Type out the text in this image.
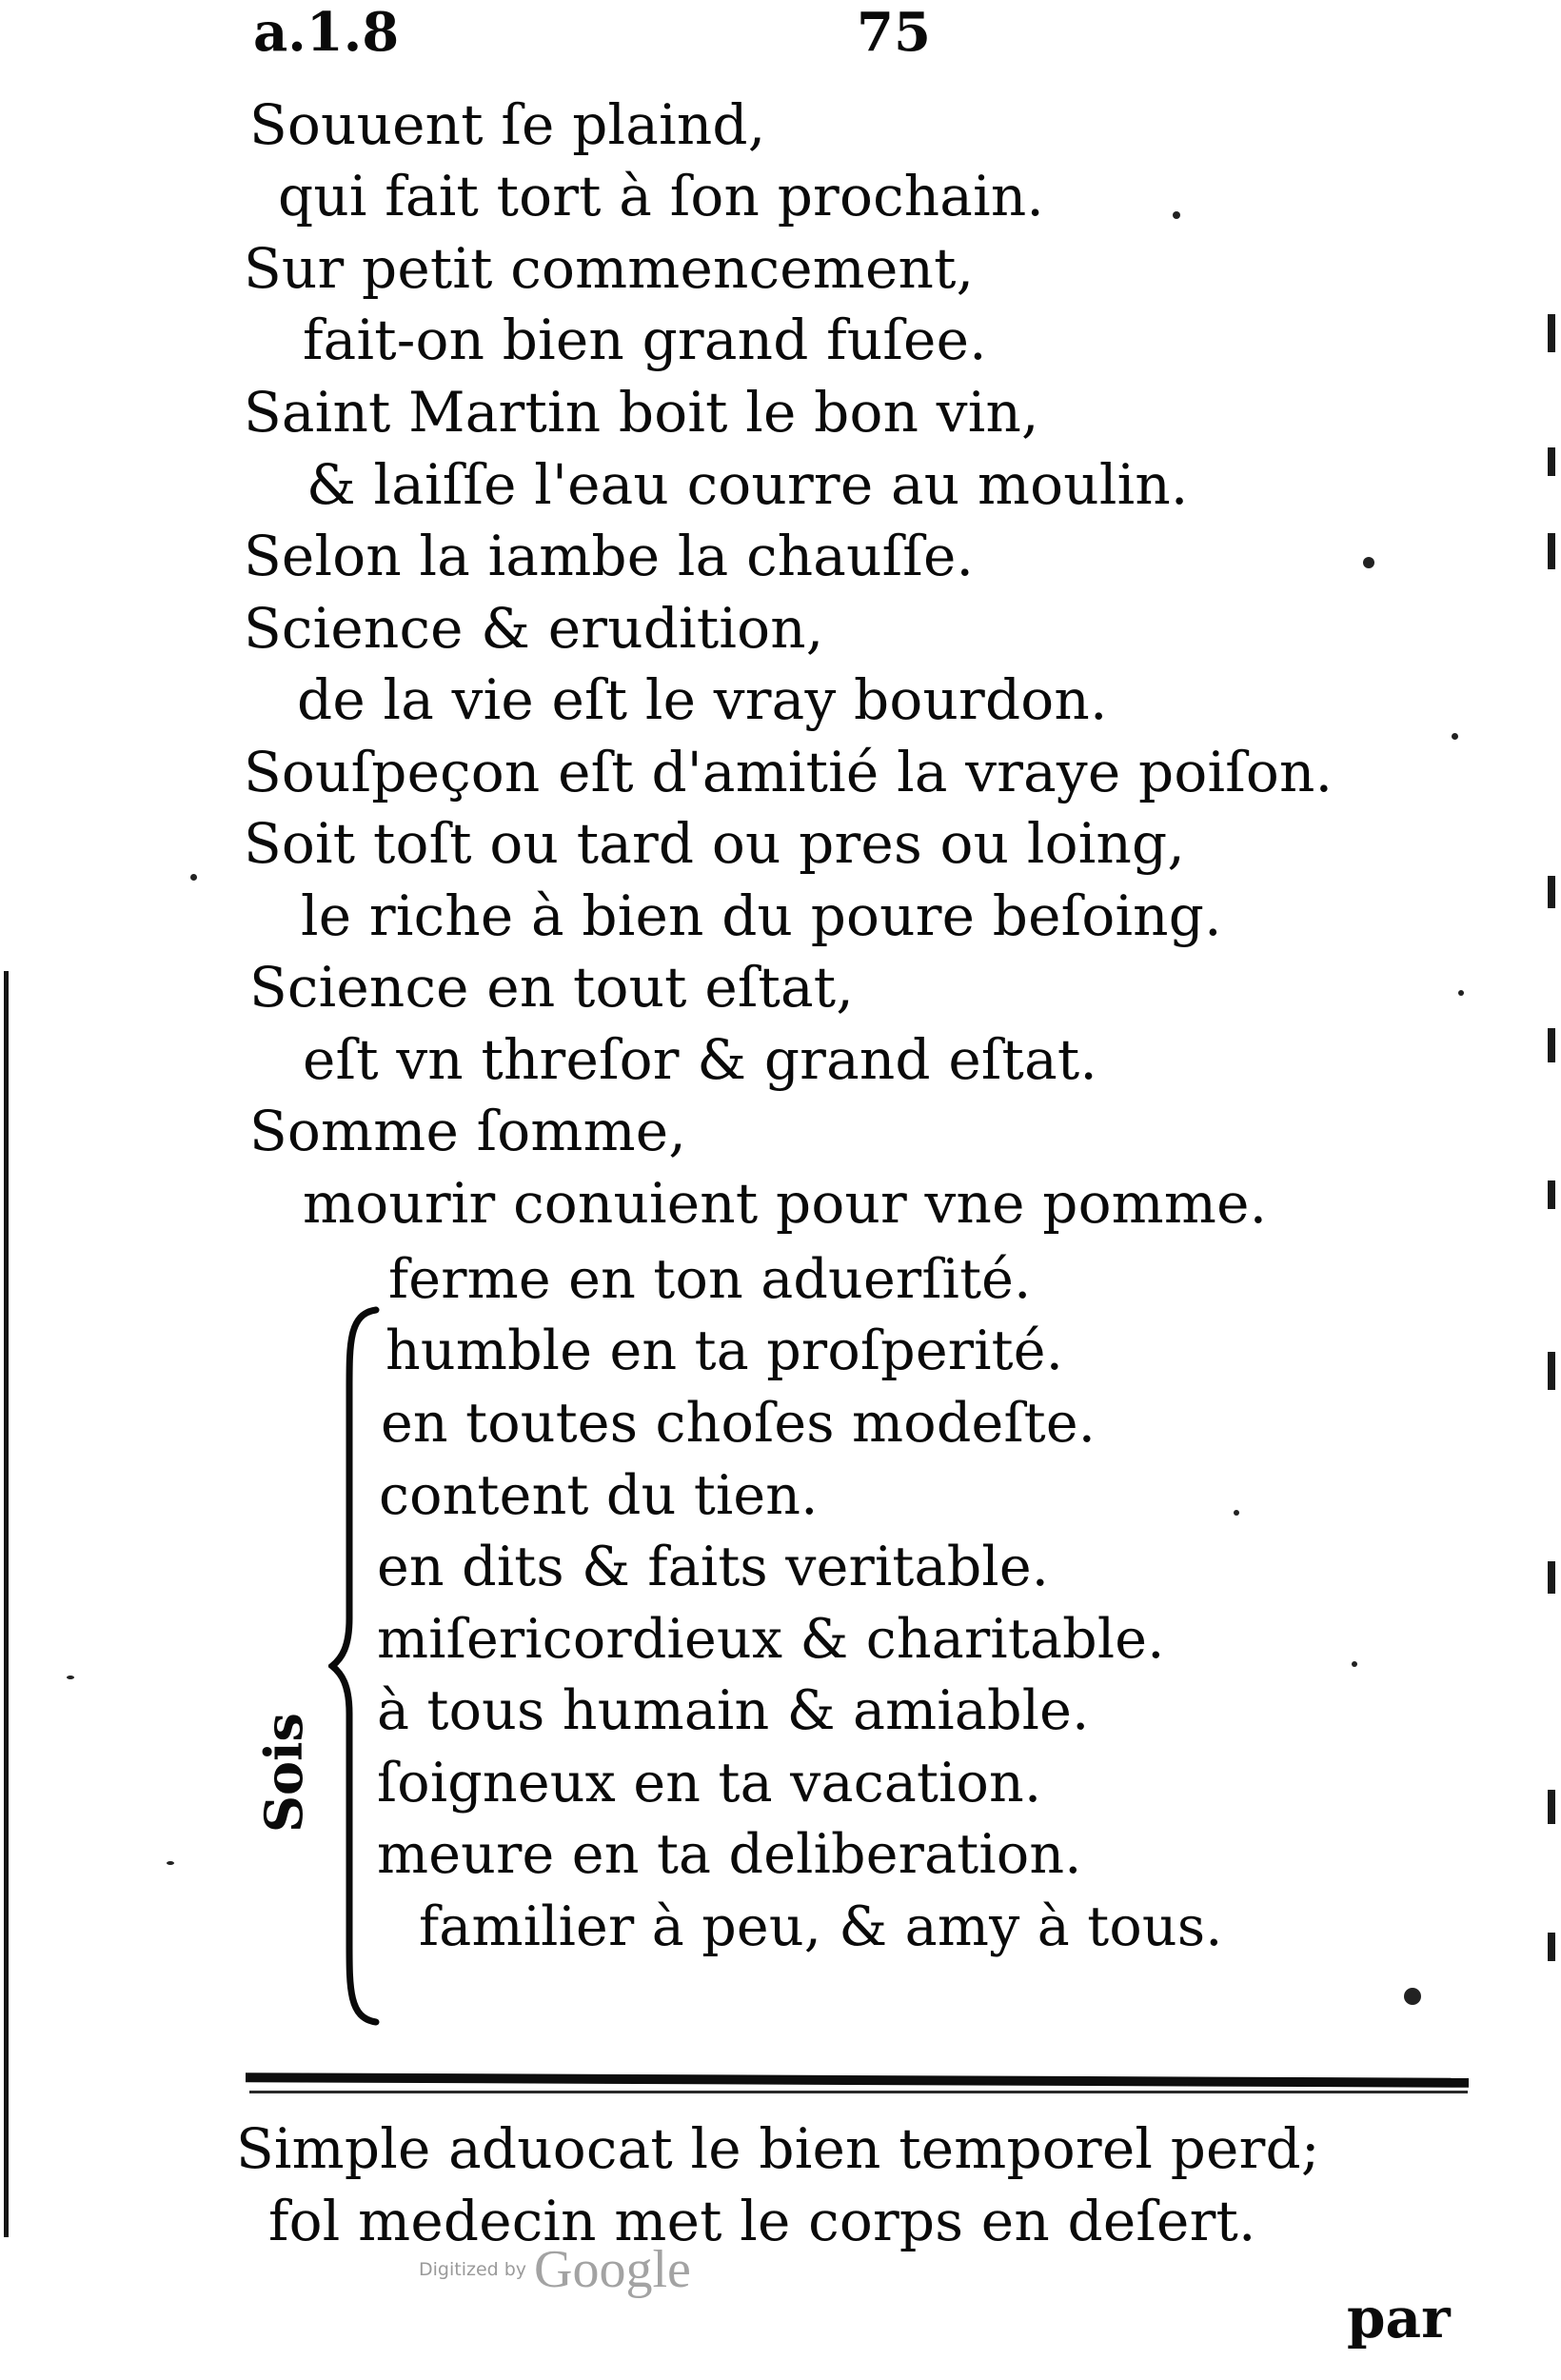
a.1.8	75
Souuent ſe plaind,
qui fait tort à ſon prochain.
Sur petit commencement,
fait-on bien grand fuſee.
Saint Martin boit le bon vin,
& laiſſe l'eau courre au moulin.
Selon la iambe la chauſſe.
Science & erudition,
de la vie eſt le vray bourdon.
Souſpeçon eſt d'amitié la vraye poiſon.
Soit toſt ou tard ou pres ou loing,
le riche à bien du poure beſoing.
Science en tout eſtat,
eſt vn threſor & grand eſtat.
Somme ſomme,
mourir conuient pour vne pomme.
Sois
ferme en ton aduerſité.
humble en ta proſperité.
en toutes choſes modeſte.
content du tien.
en dits & faits veritable.
miſericordieux & charitable.
à tous humain & amiable.
ſoigneux en ta vacation.
meure en ta deliberation.
familier à peu, & amy à tous.
Simple aduocat le bien temporel perd;
fol medecin met le corps en deſert.
Digitized by Google
par
